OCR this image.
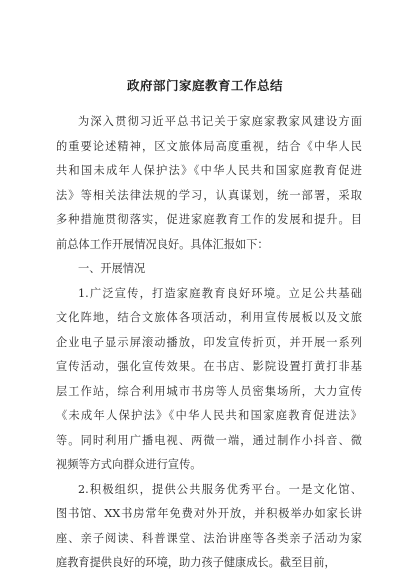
政府部门家庭教育工作总结
为深入贯彻习近平总书记关于家庭家教家风建设方面
的重要论述精神，区文旅体局高度重视，结合《中华人民
共和国未成年人保护法》《中华人民共和国家庭教育促进
法》等相关法律法规的学习，认真谋划，统一部署，采取
多种措施贯彻落实，促进家庭教育工作的发展和提升。目
前总体工作开展情况良好。具体汇报如下：
一、开展情况
1.广泛宣传，打造家庭教育良好环境。立足公共基础
文化阵地，结合文旅体各项活动，利用宣传展板以及文旅
企业电子显示屏滚动播放，印发宣传折页，并开展一系列
宣传活动，强化宣传效果。在书店、影院设置打黄打非基
层工作站，综合利用城市书房等人员密集场所，大力宣传
《未成年人保护法》《中华人民共和国家庭教育促进法》
等。同时利用广播电视、两微一端，通过制作小抖音、微
视频等方式向群众进行宣传。
2.积极组织，提供公共服务优秀平台。一是文化馆、
图书馆、XX书房常年免费对外开放，并积极举办如家长讲
座、亲子阅读、科普课堂、法治讲座等各类亲子活动为家
庭教育提供良好的环境，助力孩子健康成长。截至目前，
